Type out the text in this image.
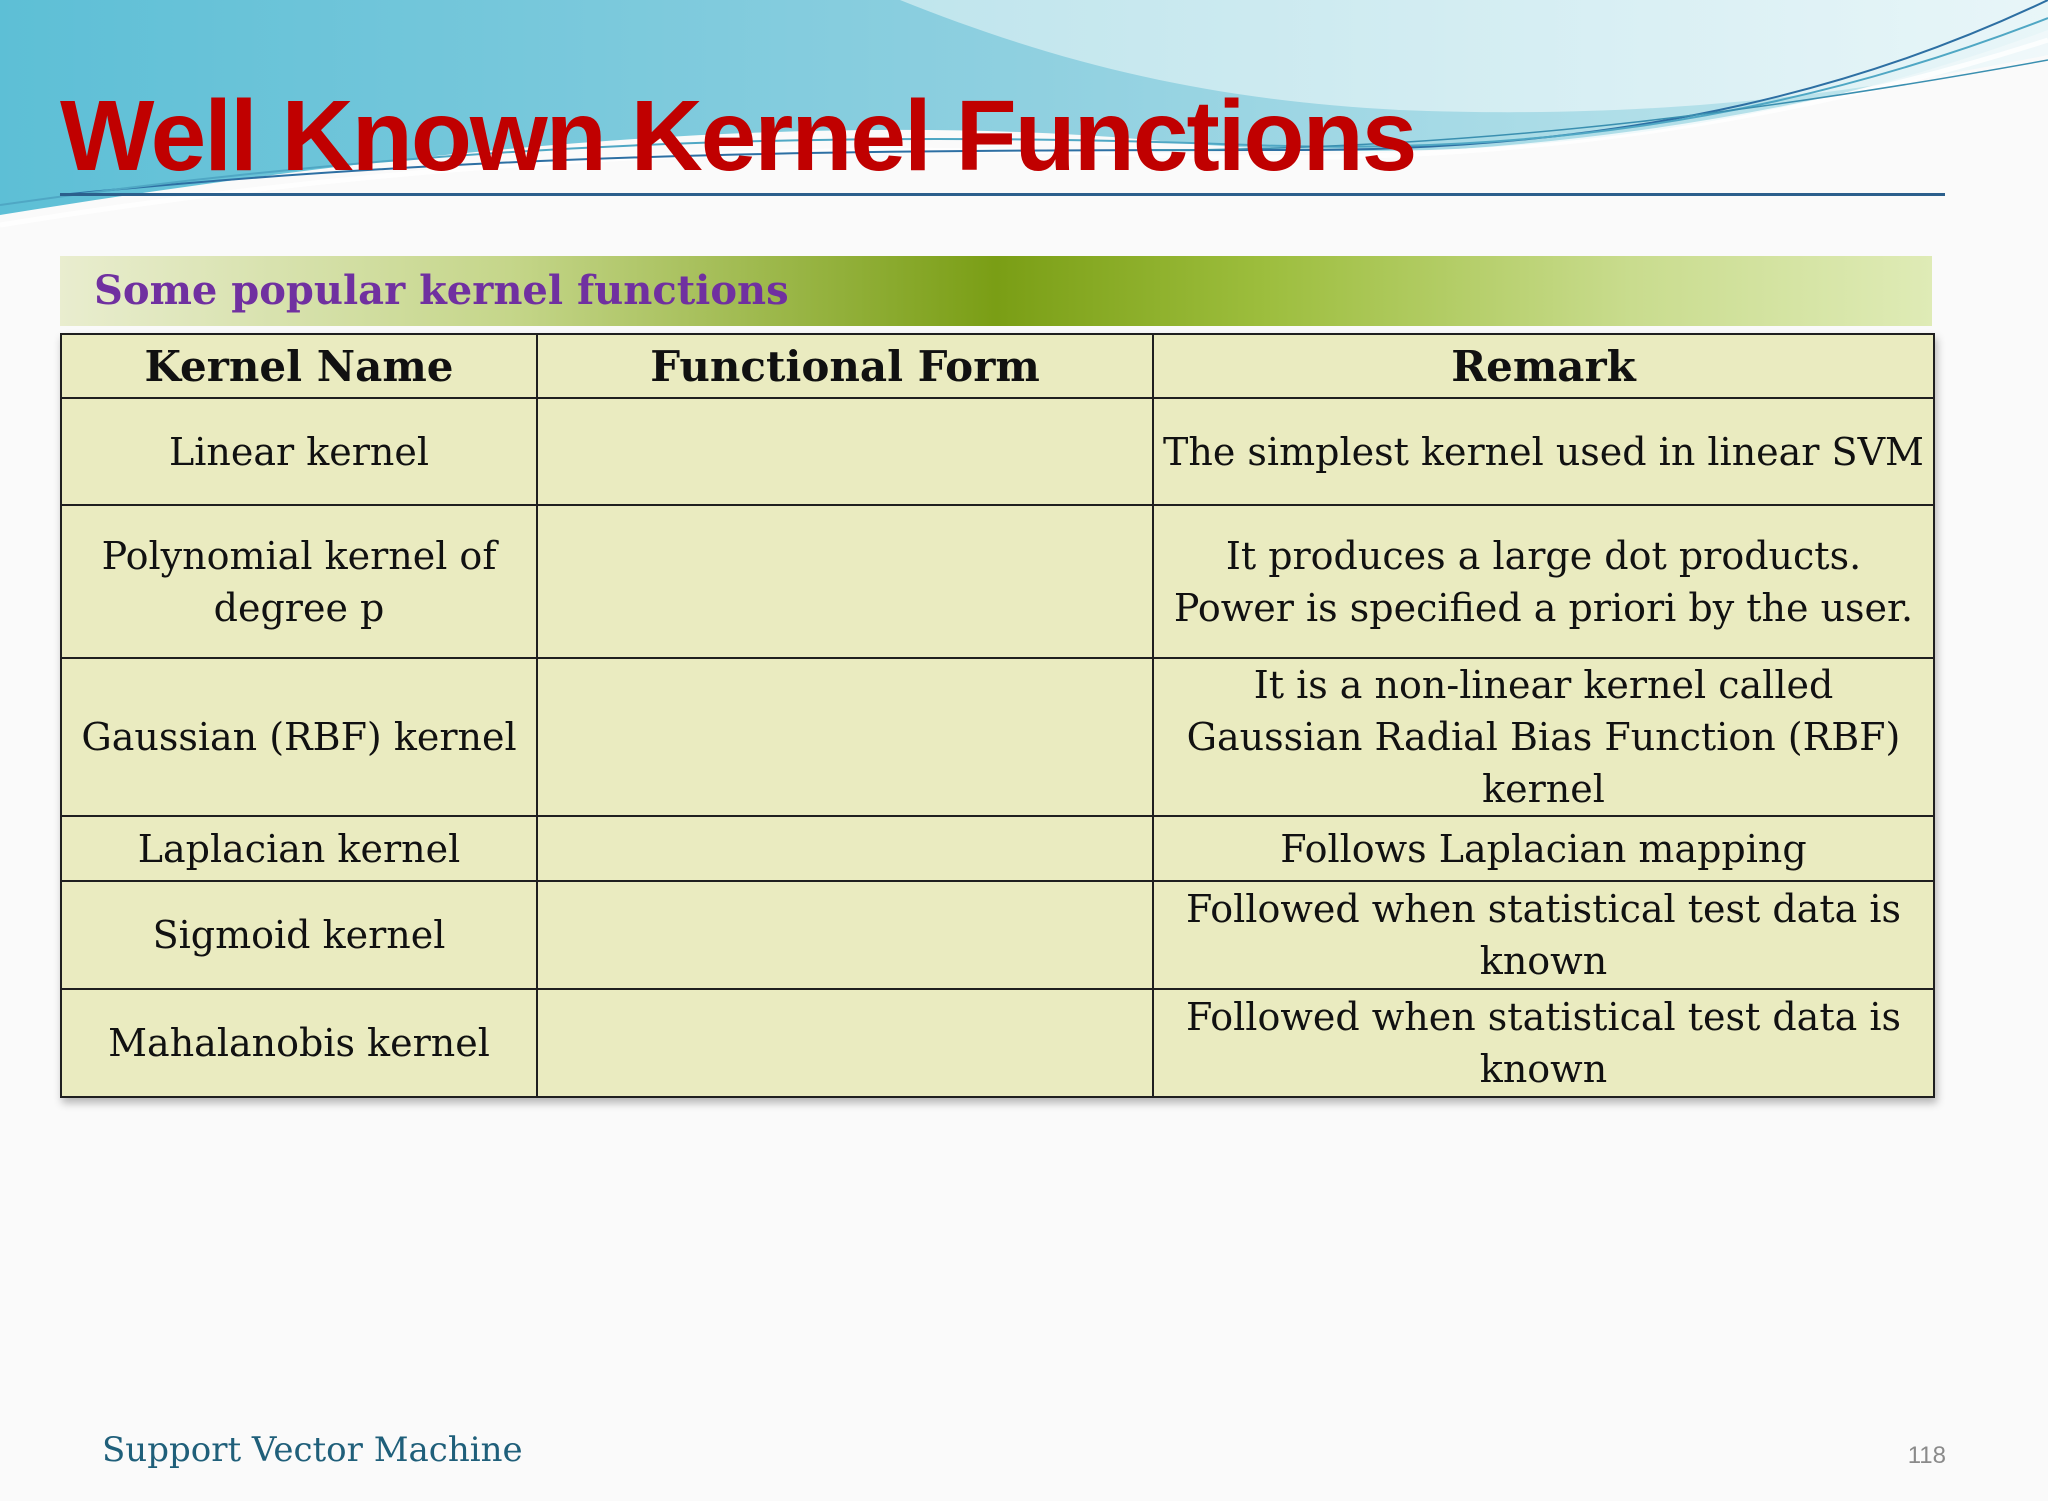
Well Known Kernel Functions
Some popular kernel functions
Kernel Name	Functional Form	Remark
Linear kernel		The simplest kernel used in linear SVM
Polynomial kernel of degree p		It produces a large dot products. Power is specified a priori by the user.
Gaussian (RBF) kernel		It is a non-linear kernel called Gaussian Radial Bias Function (RBF) kernel
Laplacian kernel		Follows Laplacian mapping
Sigmoid kernel		Followed when statistical test data is known
Mahalanobis kernel		Followed when statistical test data is known
Support Vector Machine	118
